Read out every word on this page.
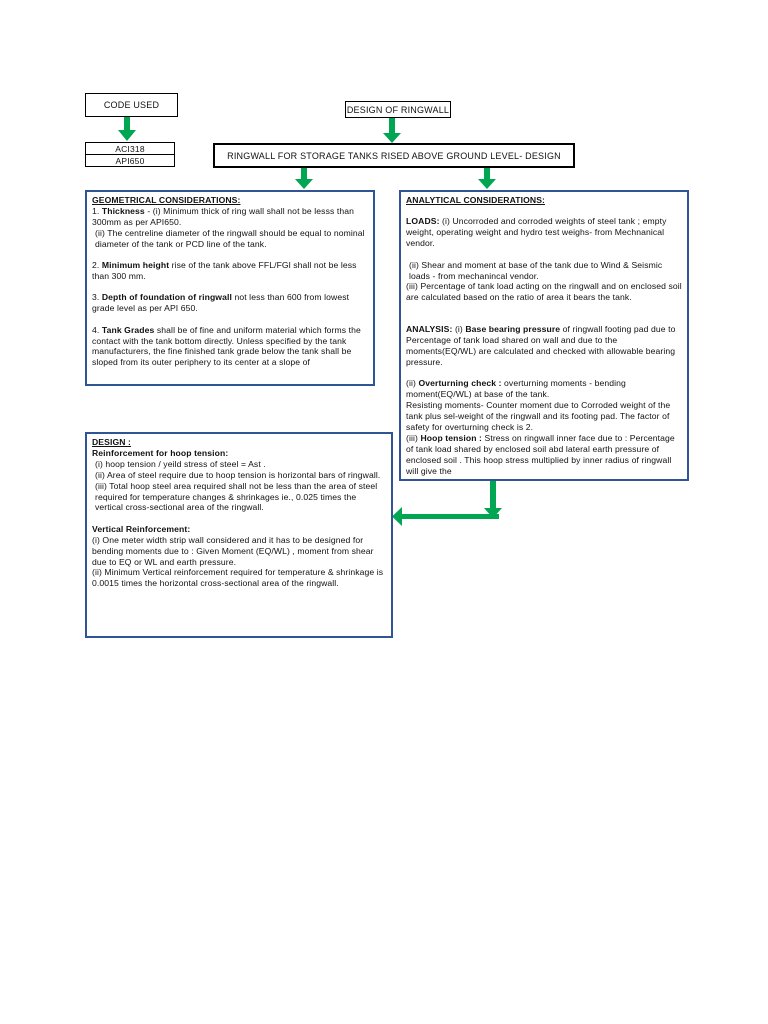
CODE USED
ACI318
API650
DESIGN OF RINGWALL
RINGWALL FOR STORAGE TANKS RISED ABOVE GROUND LEVEL- DESIGN

GEOMETRICAL CONSIDERATIONS:

1. Thickness - (i) Minimum thick of ring wall shall not be lesss than 300mm as per API650.

(ii) The centreline diameter of the ringwall should be equal to nominal diameter of the tank or PCD line of the tank.

2. Minimum height rise of the tank above FFL/FGl shall not be less than 300 mm.

3. Depth of foundation of ringwall not less than 600 from lowest grade level as per API 650.

4. Tank Grades shall be of fine and uniform material which forms the contact with the tank bottom directly. Unless specified by the tank manufacturers, the fine finished tank grade below the tank shall be sloped from its outer periphery to its center at a slope of

ANALYTICAL CONSIDERATIONS:

LOADS: (i) Uncorroded and corroded weights of steel tank ; empty weight, operating weight and hydro test weighs- from Mechnanical vendor.

(ii) Shear and moment at base of the tank due to Wind & Seismic loads - from mechanincal vendor.

(iii) Percentage of tank load acting on the ringwall and on enclosed soil are calculated based on the ratio of area it bears the tank.

ANALYSIS: (i) Base bearing pressure of ringwall footing pad due to Percentage of tank load shared on wall and due to the moments(EQ/WL) are calculated and checked with allowable bearing pressure.

(ii) Overturning check : overturning moments - bending moment(EQ/WL) at base of the tank.

Resisting moments- Counter moment due to Corroded weight of the tank plus sel-weight of the ringwall and its footing pad. The factor of safety for overturning check is 2.

(iii) Hoop tension : Stress on ringwall inner face due to : Percentage of tank load shared by enclosed soil abd lateral earth pressure of enclosed soil . This hoop stress multiplied by inner radius of ringwall will give the

DESIGN :

Reinforcement for hoop tension:

(i) hoop tension / yeild stress of steel = Ast .

(ii) Area of steel require due to hoop tension is horizontal bars of ringwall.

(iii) Total hoop steel area required shall not be less than the area of steel required for temperature changes & shrinkages ie., 0.025 times the vertical cross-sectional area of the ringwall.

Vertical Reinforcement:

(i) One meter width strip wall considered and it has to be designed for bending moments due to : Given Moment (EQ/WL) , moment from shear due to EQ or WL and earth pressure.

(ii) Minimum Vertical reinforcement required for temperature & shrinkage is 0.0015 times the horizontal cross-sectional area of the ringwall.
